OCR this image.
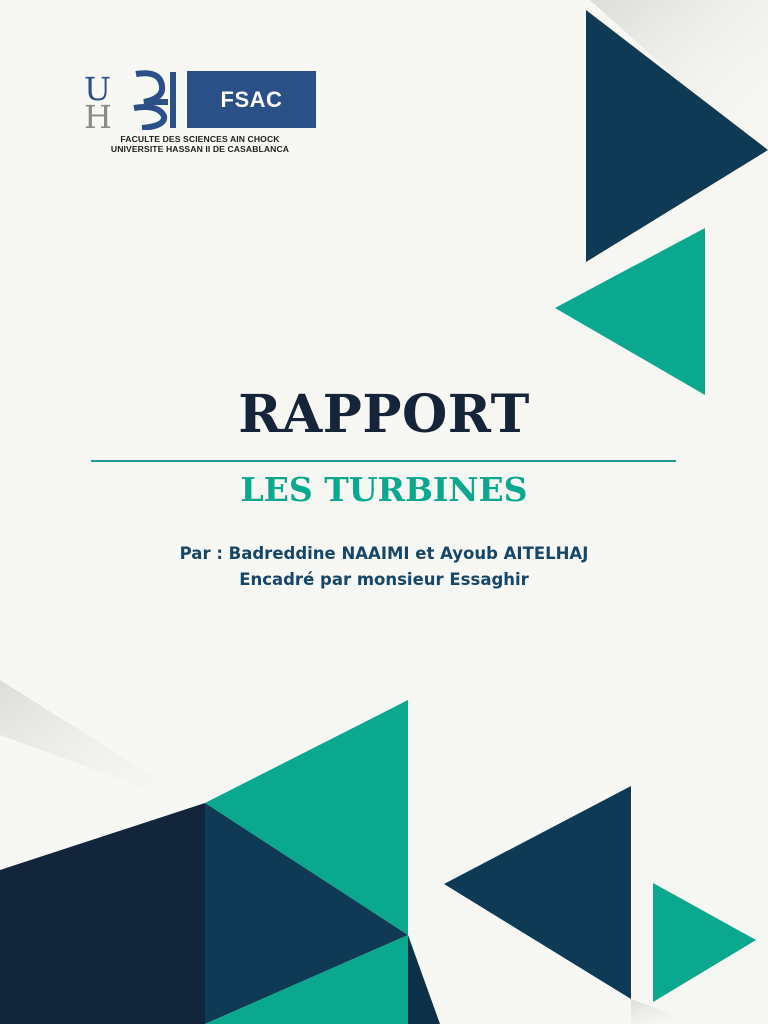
U
H	FSAC
FACULTE DES SCIENCES AIN CHOCK
UNIVERSITE HASSAN II DE CASABLANCA
RAPPORT
LES TURBINES
Par : Badreddine NAAIMI et Ayoub AITELHAJ
Encadré par monsieur Essaghir
